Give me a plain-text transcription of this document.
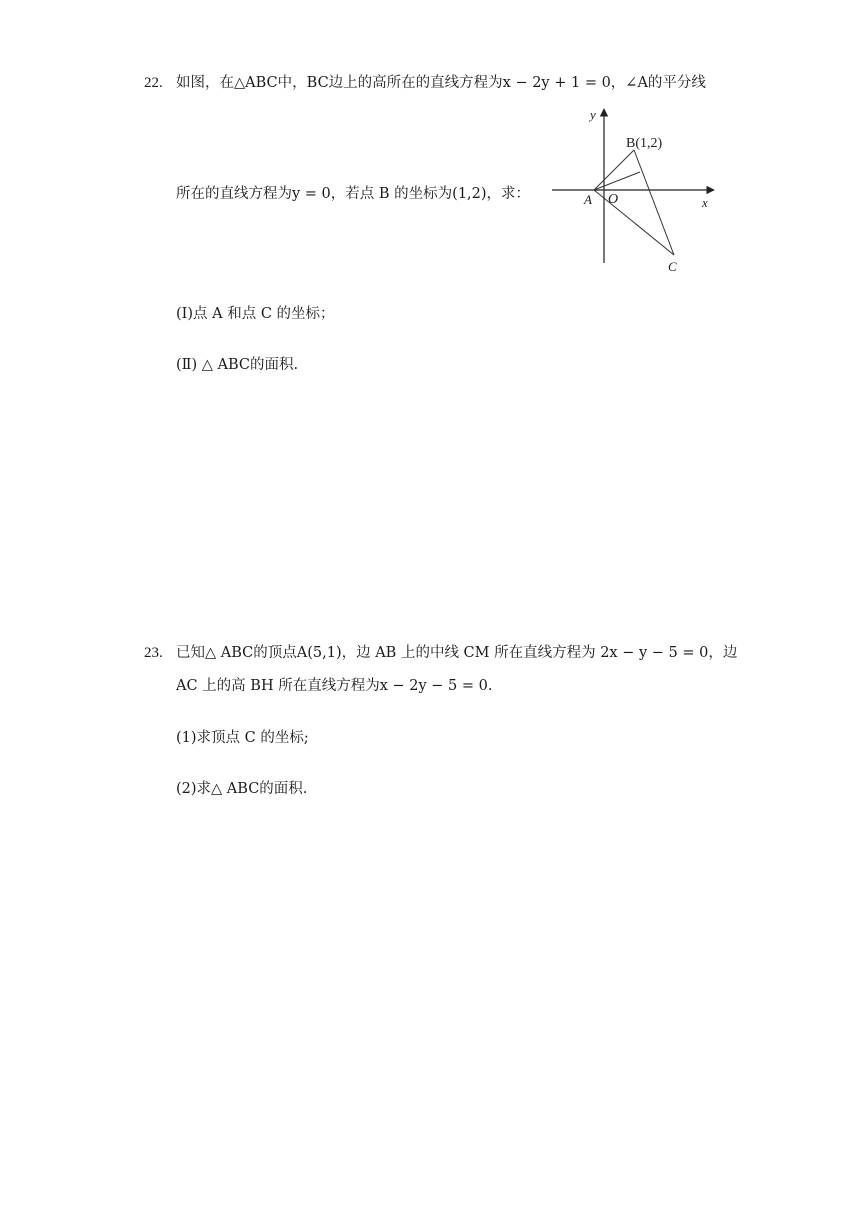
22. 如图，在△ABC中，BC边上的高所在的直线方程为x − 2y + 1 = 0，∠A的平分线
所在的直线方程为y = 0，若点 B 的坐标为(1,2)，求：
y
x
B(1,2)
A O
C
(Ⅰ)点 A 和点 C 的坐标；
(Ⅱ) △ ABC的面积.
23. 已知△ ABC的顶点A(5,1)，边 AB 上的中线 CM 所在直线方程为 2x − y − 5 = 0，边
AC 上的高 BH 所在直线方程为x − 2y − 5 = 0.
(1)求顶点 C 的坐标;
(2)求△ ABC的面积.
